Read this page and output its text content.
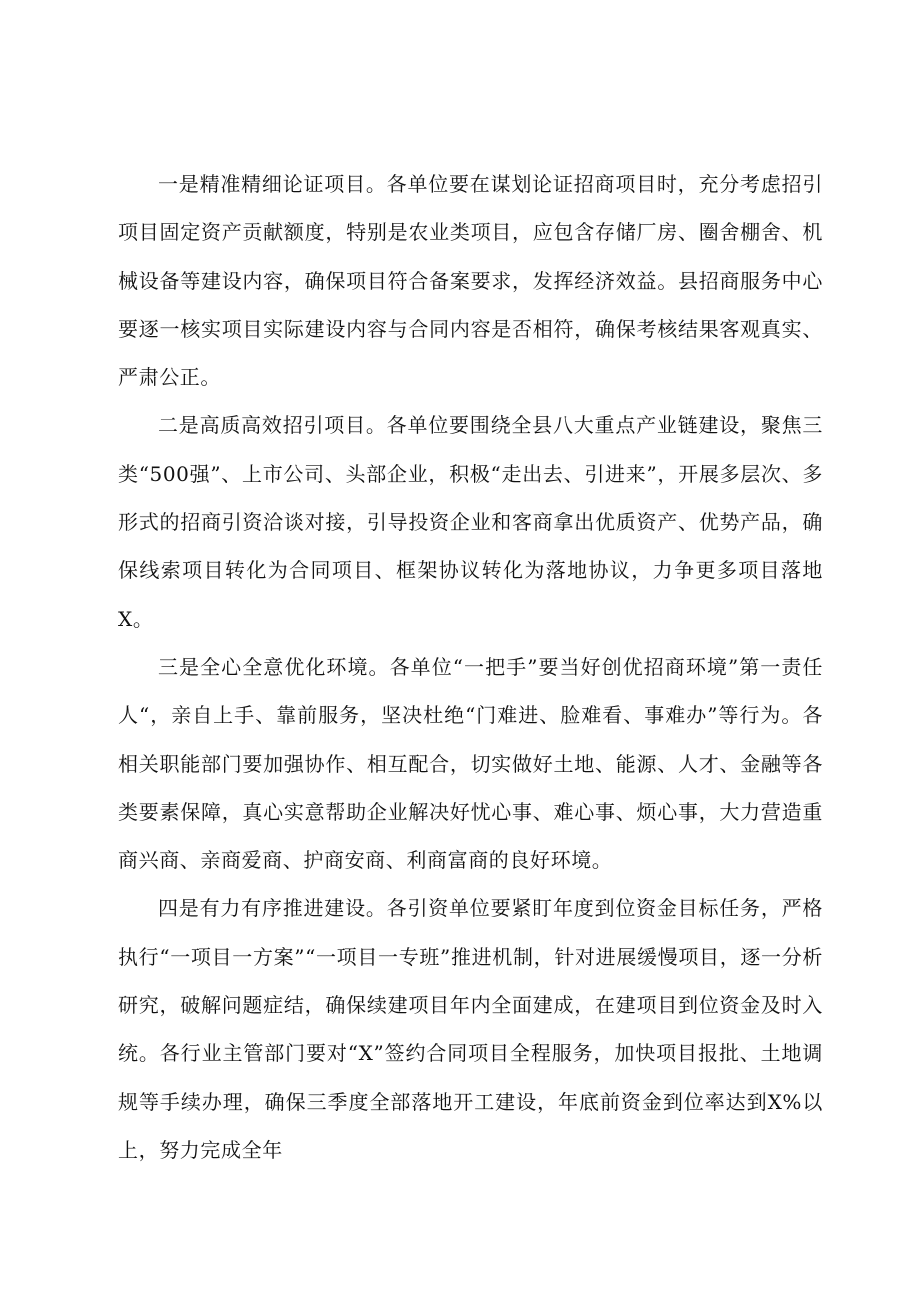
一是精准精细论证项目。各单位要在谋划论证招商项目时，充分考虑招引项目固定资产贡献额度，特别是农业类项目，应包含存储厂房、圈舍棚舍、机械设备等建设内容，确保项目符合备案要求，发挥经济效益。县招商服务中心要逐一核实项目实际建设内容与合同内容是否相符，确保考核结果客观真实、严肃公正。

二是高质高效招引项目。各单位要围绕全县八大重点产业链建设，聚焦三类“500强”、上市公司、头部企业，积极“走出去、引进来”，开展多层次、多形式的招商引资洽谈对接，引导投资企业和客商拿出优质资产、优势产品，确保线索项目转化为合同项目、框架协议转化为落地协议，力争更多项目落地X。

三是全心全意优化环境。各单位“一把手”要当好创优招商环境”第一责任人“，亲自上手、靠前服务，坚决杜绝“门难进、脸难看、事难办”等行为。各相关职能部门要加强协作、相互配合，切实做好土地、能源、人才、金融等各类要素保障，真心实意帮助企业解决好忧心事、难心事、烦心事，大力营造重商兴商、亲商爱商、护商安商、利商富商的良好环境。

四是有力有序推进建设。各引资单位要紧盯年度到位资金目标任务，严格执行“一项目一方案”“一项目一专班”推进机制，针对进展缓慢项目，逐一分析研究，破解问题症结，确保续建项目年内全面建成，在建项目到位资金及时入统。各行业主管部门要对“X”签约合同项目全程服务，加快项目报批、土地调规等手续办理，确保三季度全部落地开工建设，年底前资金到位率达到X%以上，努力完成全年
